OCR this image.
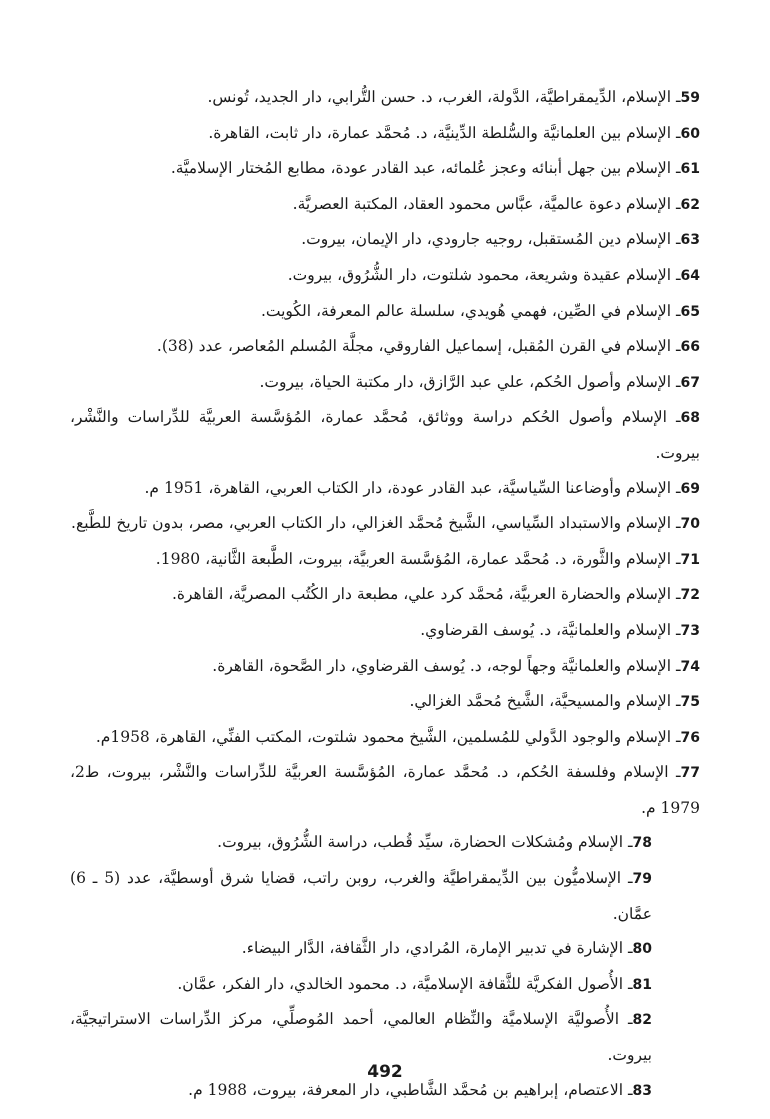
59ـ الإسلام، الدِّيمقراطيَّة، الدَّولة، الغرب، د. حسن التُّرابي، دار الجديد، تُونس.

60ـ الإسلام بين العلمانيَّة والسُّلطة الدِّينيَّة، د. مُحمَّد عمارة، دار ثابت، القاهرة.

61ـ الإسلام بين جهل أبنائه وعجز عُلمائه، عبد القادر عودة، مطابع المُختار الإسلاميَّة.

62ـ الإسلام دعوة عالميَّة، عبَّاس محمود العقاد، المكتبة العصريَّة.

63ـ الإسلام دين المُستقبل، روجيه جارودي، دار الإيمان، بيروت.

64ـ الإسلام عقيدة وشريعة، محمود شلتوت، دار الشُّرُوق، بيروت.

65ـ الإسلام في الصِّين، فهمي هُويدي، سلسلة عالم المعرفة، الكُويت.

66ـ الإسلام في القرن المُقبل، إسماعيل الفاروقي، مجلَّة المُسلم المُعاصر، عدد (38).

67ـ الإسلام وأصول الحُكم، علي عبد الرَّازق، دار مكتبة الحياة، بيروت.

68ـ الإسلام وأصول الحُكم دراسة ووثائق، مُحمَّد عمارة، المُؤسَّسة العربيَّة للدِّراسات والنَّشْر، بيروت.

69ـ الإسلام وأوضاعنا السِّياسيَّة، عبد القادر عودة، دار الكتاب العربي، القاهرة، 1951 م.

70ـ الإسلام والاستبداد السِّياسي، الشَّيخ مُحمَّد الغزالي، دار الكتاب العربي، مصر، بدون تاريخ للطَّبع.

71ـ الإسلام والثَّورة، د. مُحمَّد عمارة، المُؤسَّسة العربيَّة، بيروت، الطَّبعة الثَّانية، 1980.

72ـ الإسلام والحضارة العربيَّة، مُحمَّد كرد علي، مطبعة دار الكُتُب المصريَّة، القاهرة.

73ـ الإسلام والعلمانيَّة، د. يُوسف القرضاوي.

74ـ الإسلام والعلمانيَّة وجهاً لوجه، د. يُوسف القرضاوي، دار الصَّحوة، القاهرة.

75ـ الإسلام والمسيحيَّة، الشَّيخ مُحمَّد الغزالي.

76ـ الإسلام والوجود الدَّولي للمُسلمين، الشَّيخ محمود شلتوت، المكتب الفنِّي، القاهرة، 1958م.

77ـ الإسلام وفلسفة الحُكم، د. مُحمَّد عمارة، المُؤسَّسة العربيَّة للدِّراسات والنَّشْر، بيروت، ط2، 1979 م.

78ـ الإسلام ومُشكلات الحضارة، سيِّد قُطب، دراسة الشُّرُوق، بيروت.

79ـ الإسلاميُّون بين الدِّيمقراطيَّة والغرب، روبن راتب، قضايا شرق أوسطيَّة، عدد (5 ـ 6) عمَّان.

80ـ الإشارة في تدبير الإمارة، المُرادي، دار الثَّقافة، الدَّار البيضاء.

81ـ الأُصول الفكريَّة للثَّقافة الإسلاميَّة، د. محمود الخالدي، دار الفكر، عمَّان.

82ـ الأُصوليَّة الإسلاميَّة والنِّظام العالمي، أحمد المُوصلِّي، مركز الدِّراسات الاستراتيجيَّة، بيروت.

83ـ الاعتصام، إبراهيم بن مُحمَّد الشَّاطبي، دار المعرفة، بيروت، 1988 م.

492
